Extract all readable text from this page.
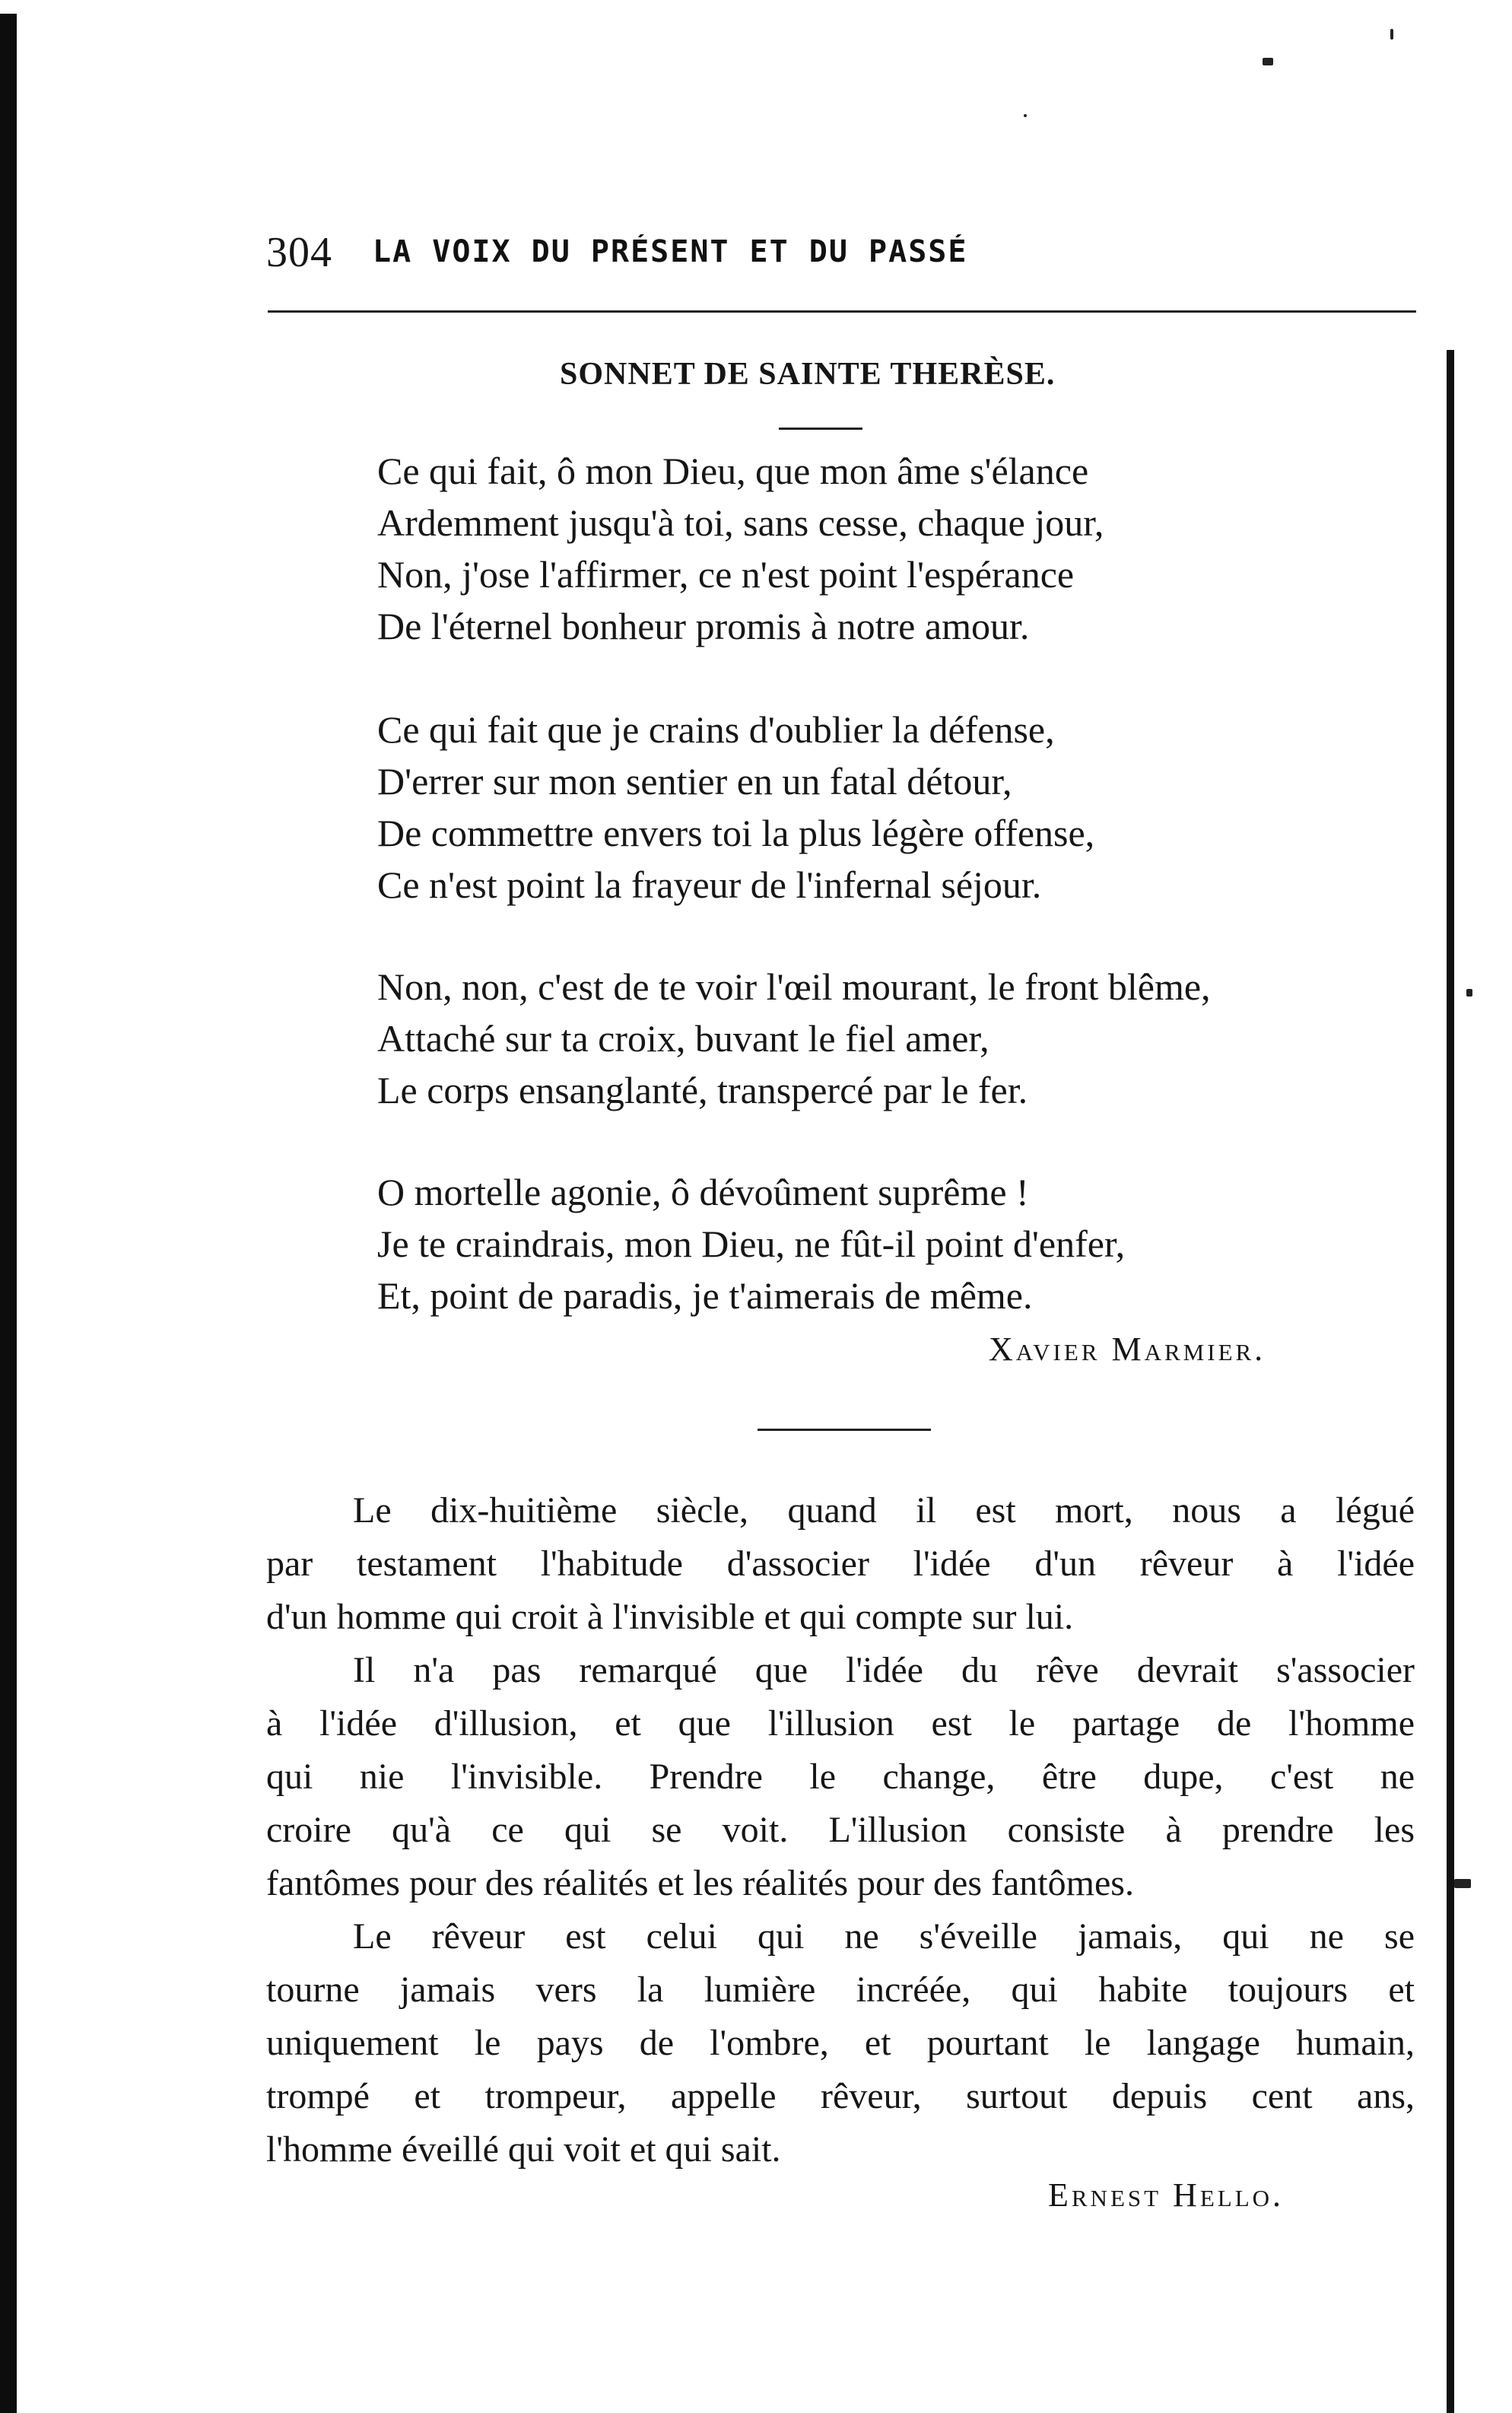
304 LA VOIX DU PRÉSENT ET DU PASSÉ
SONNET DE SAINTE THERÈSE.
Ce qui fait, ô mon Dieu, que mon âme s'élance
Ardemment jusqu'à toi, sans cesse, chaque jour,
Non, j'ose l'affirmer, ce n'est point l'espérance
De l'éternel bonheur promis à notre amour.
Ce qui fait que je crains d'oublier la défense,
D'errer sur mon sentier en un fatal détour,
De commettre envers toi la plus légère offense,
Ce n'est point la frayeur de l'infernal séjour.
Non, non, c'est de te voir l'œil mourant, le front blême,
Attaché sur ta croix, buvant le fiel amer,
Le corps ensanglanté, transpercé par le fer.
O mortelle agonie, ô dévoûment suprême !
Je te craindrais, mon Dieu, ne fût-il point d'enfer,
Et, point de paradis, je t'aimerais de même.
Xavier Marmier.
Le dix-huitième siècle, quand il est mort, nous a légué
par testament l'habitude d'associer l'idée d'un rêveur à l'idée
d'un homme qui croit à l'invisible et qui compte sur lui.
Il n'a pas remarqué que l'idée du rêve devrait s'associer
à l'idée d'illusion, et que l'illusion est le partage de l'homme
qui nie l'invisible. Prendre le change, être dupe, c'est ne
croire qu'à ce qui se voit. L'illusion consiste à prendre les
fantômes pour des réalités et les réalités pour des fantômes.
Le rêveur est celui qui ne s'éveille jamais, qui ne se
tourne jamais vers la lumière incréée, qui habite toujours et
uniquement le pays de l'ombre, et pourtant le langage humain,
trompé et trompeur, appelle rêveur, surtout depuis cent ans,
l'homme éveillé qui voit et qui sait.
Ernest Hello.
